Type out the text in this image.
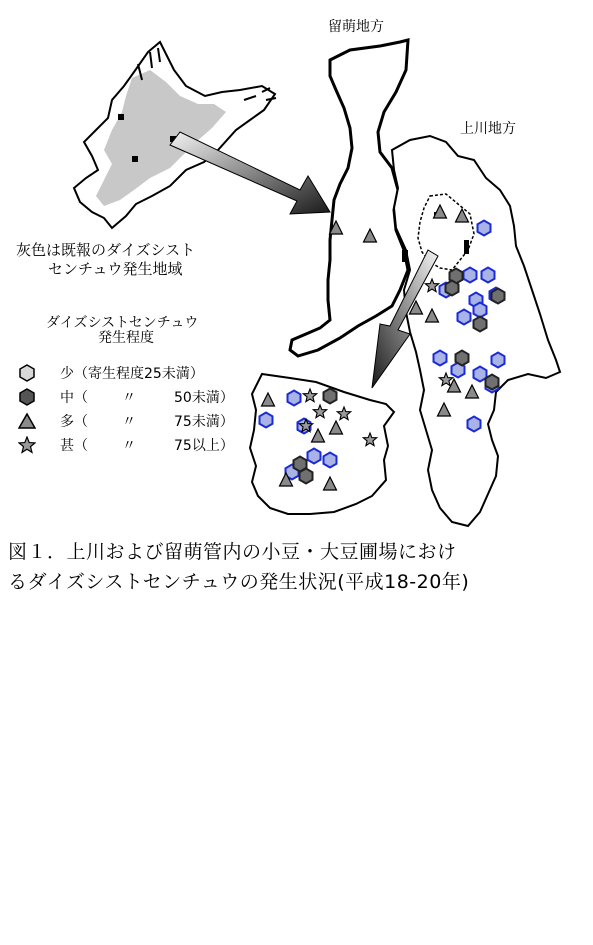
留萌地方
上川地方
灰色は既報のダイズシスト
センチュウ発生地域
ダイズシストセンチュウ
発生程度
少（寄生程度25未満）
中（ 〃	50未満）
多（ 〃	75未満）
甚（ 〃	75以上）
図１．上川および留萌管内の小豆・大豆圃場におけ
るダイズシストセンチュウの発生状況(平成18-20年)
